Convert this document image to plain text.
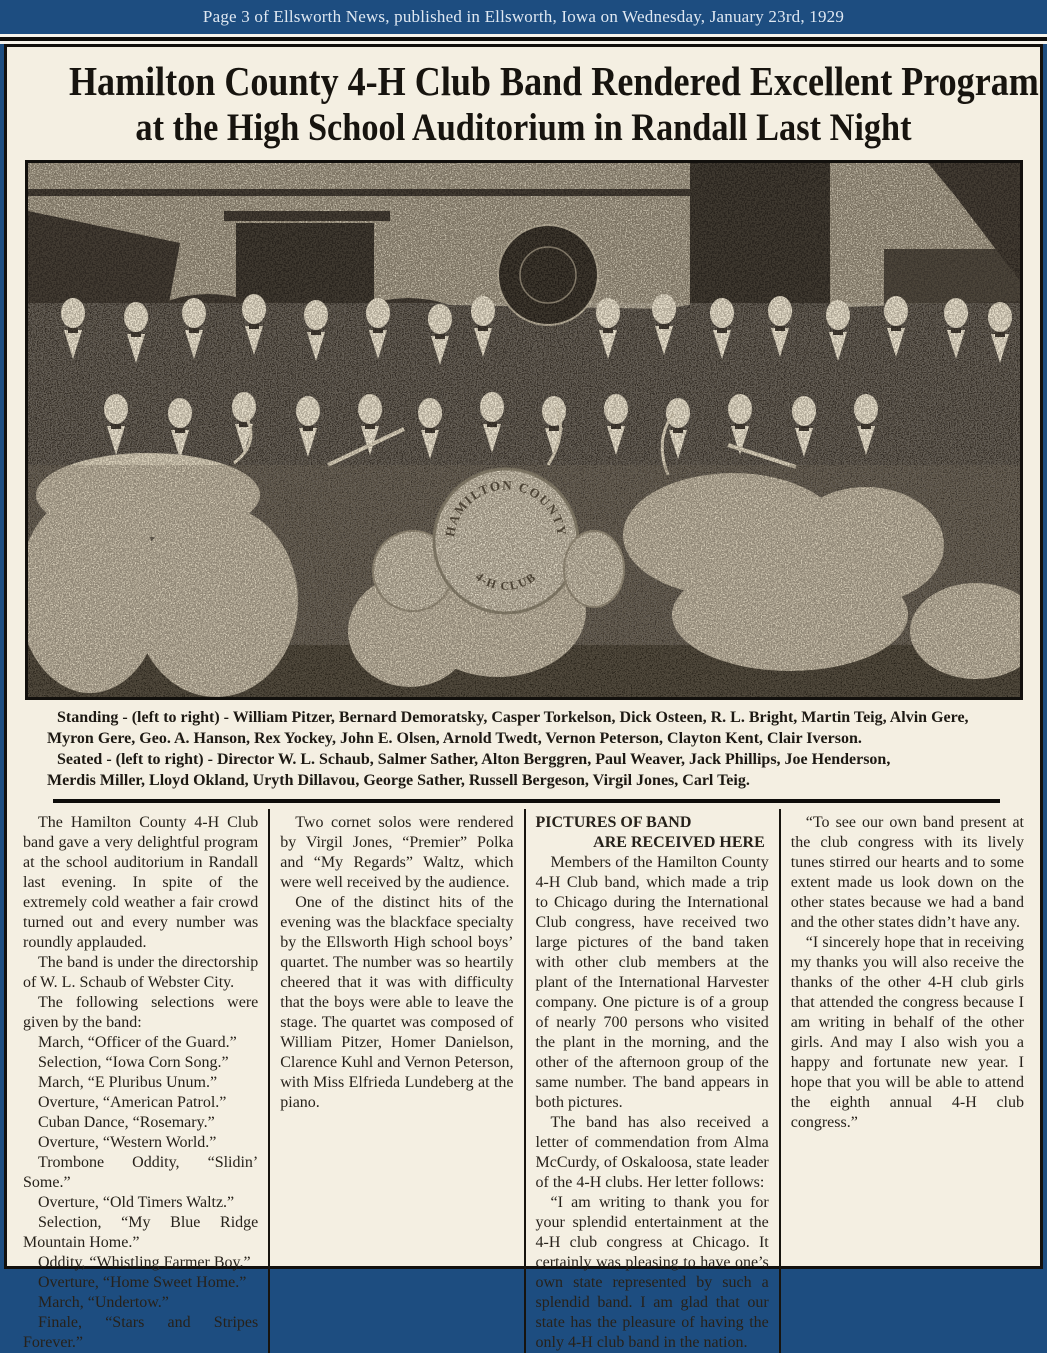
Page 3 of Ellsworth News, published in Ellsworth, Iowa on Wednesday, January 23rd, 1929
Hamilton County 4-H Club Band Rendered Excellent Program
at the High School Auditorium in Randall Last Night
HAMILTON COUNTY
4-H CLUB
Standing - (left to right) - William Pitzer, Bernard Demoratsky, Casper Torkelson, Dick Osteen, R. L. Bright, Martin Teig, Alvin Gere,
Myron Gere, Geo. A. Hanson, Rex Yockey, John E. Olsen, Arnold Twedt, Vernon Peterson, Clayton Kent, Clair Iverson.
Seated - (left to right) - Director W. L. Schaub, Salmer Sather, Alton Berggren, Paul Weaver, Jack Phillips, Joe Henderson,
Merdis Miller, Lloyd Okland, Uryth Dillavou, George Sather, Russell Bergeson, Virgil Jones, Carl Teig.

The Hamilton County 4-H Club band gave a very delightful program at the school auditorium in Randall last evening. In spite of the extremely cold weather a fair crowd turned out and every number was roundly applauded.

The band is under the directorship of W. L. Schaub of Webster City.

The following selections were given by the band:

March, “Officer of the Guard.”
Selection, “Iowa Corn Song.”
March, “E Pluribus Unum.”
Overture, “American Patrol.”
Cuban Dance, “Rosemary.”
Overture, “Western World.”
Trombone Oddity, “Slidin’ Some.”
Overture, “Old Timers Waltz.”
Selection, “My Blue Ridge Mountain Home.”
Oddity, “Whistling Farmer Boy.”
Overture, “Home Sweet Home.”
March, “Undertow.”
Finale, “Stars and Stripes Forever.”

Two cornet solos were rendered by Virgil Jones, “Premier” Polka and “My Regards” Waltz, which were well received by the audience.

One of the distinct hits of the evening was the blackface specialty by the Ellsworth High school boys’ quartet. The number was so heartily cheered that it was with difficulty that the boys were able to leave the stage. The quartet was composed of William Pitzer, Homer Danielson, Clarence Kuhl and Vernon Peterson, with Miss Elfrieda Lundeberg at the piano.

PICTURES OF BAND
ARE RECEIVED HERE

Members of the Hamilton County 4-H Club band, which made a trip to Chicago during the International Club congress, have received two large pictures of the band taken with other club members at the plant of the International Harvester company. One picture is of a group of nearly 700 persons who visited the plant in the morning, and the other of the afternoon group of the same number. The band appears in both pictures.

The band has also received a letter of commendation from Alma McCurdy, of Oskaloosa, state leader of the 4-H clubs. Her letter follows:

“I am writing to thank you for your splendid entertainment at the 4-H club congress at Chicago. It certainly was pleasing to have one’s own state represented by such a splendid band. I am glad that our state has the pleasure of having the only 4-H club band in the nation.

“To see our own band present at the club congress with its lively tunes stirred our hearts and to some extent made us look down on the other states because we had a band and the other states didn’t have any.

“I sincerely hope that in receiving my thanks you will also receive the thanks of the other 4-H club girls that attended the congress because I am writing in behalf of the other girls. And may I also wish you a happy and fortunate new year. I hope that you will be able to attend the eighth annual 4-H club congress.”
